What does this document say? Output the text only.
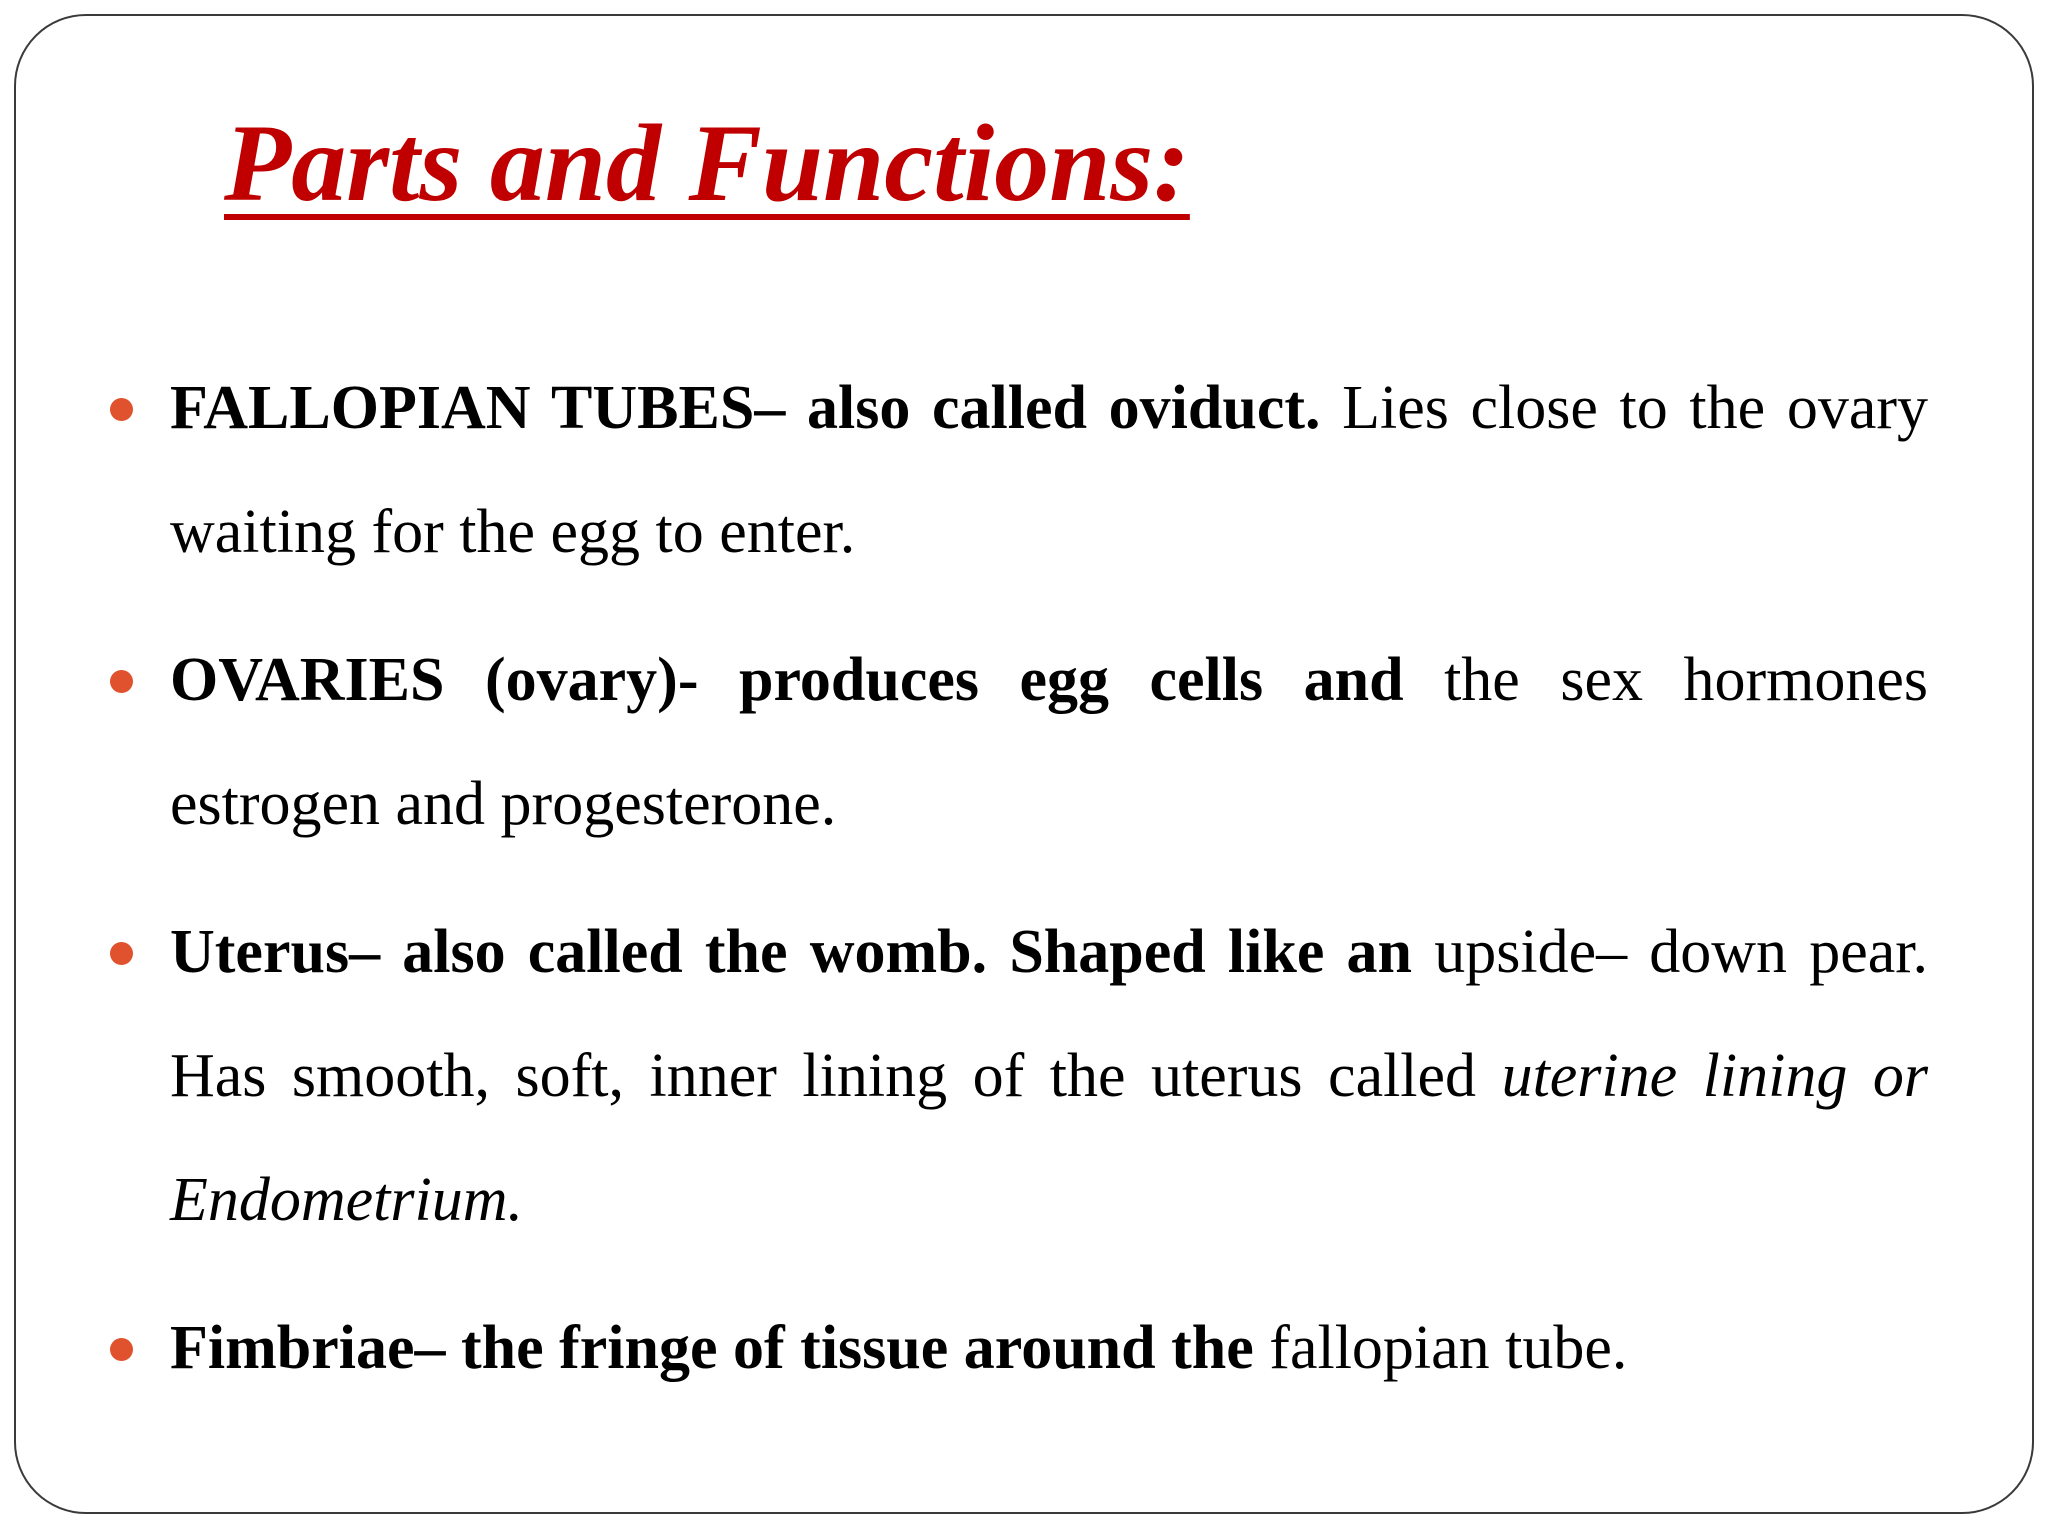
Parts and Functions:
FALLOPIAN TUBES– also called oviduct. Lies close to the ovary waiting for the egg to enter.
OVARIES (ovary)- produces egg cells and the sex hormones estrogen and progesterone.
Uterus– also called the womb. Shaped like an upside– down pear. Has smooth, soft, inner lining of the uterus called uterine lining or Endometrium.
Fimbriae– the fringe of tissue around the fallopian tube.
